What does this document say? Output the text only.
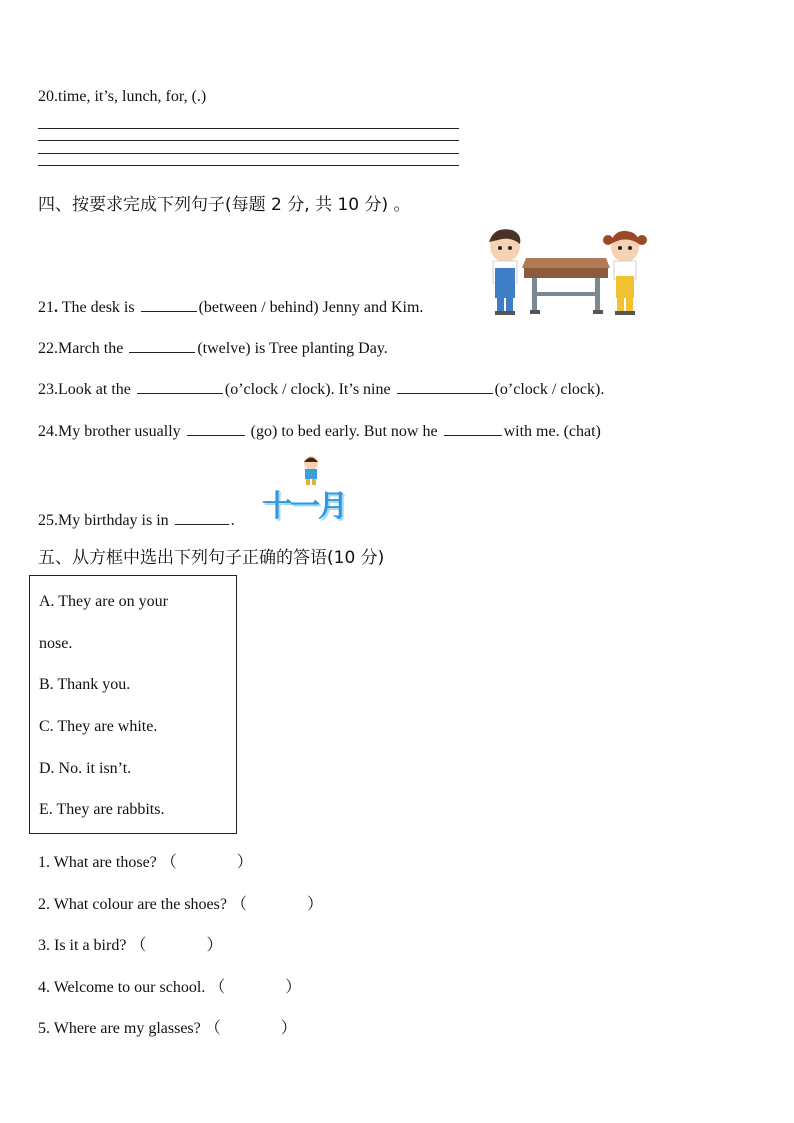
20.time, it’s, lunch, for, (.)
四、按要求完成下列句子(每题 2 分, 共 10 分) 。
21. The desk is	(between / behind) Jenny and Kim.
22.March the	(twelve) is Tree planting Day.
23.Look at the	(o’clock / clock). It’s nine	(o’clock / clock).
24.My brother usually	(go) to bed early. But now he	with me. (chat)
25.My birthday is in	. 十一月
五、从方框中选出下列句子正确的答语(10 分)
A. They are on your
nose.
B. Thank you.
C. They are white.
D. No. it isn’t.
E. They are rabbits.
1. What are those? （	）
2. What colour are the shoes? （	）
3. Is it a bird? （	）
4. Welcome to our school. （	）
5. Where are my glasses? （	）
